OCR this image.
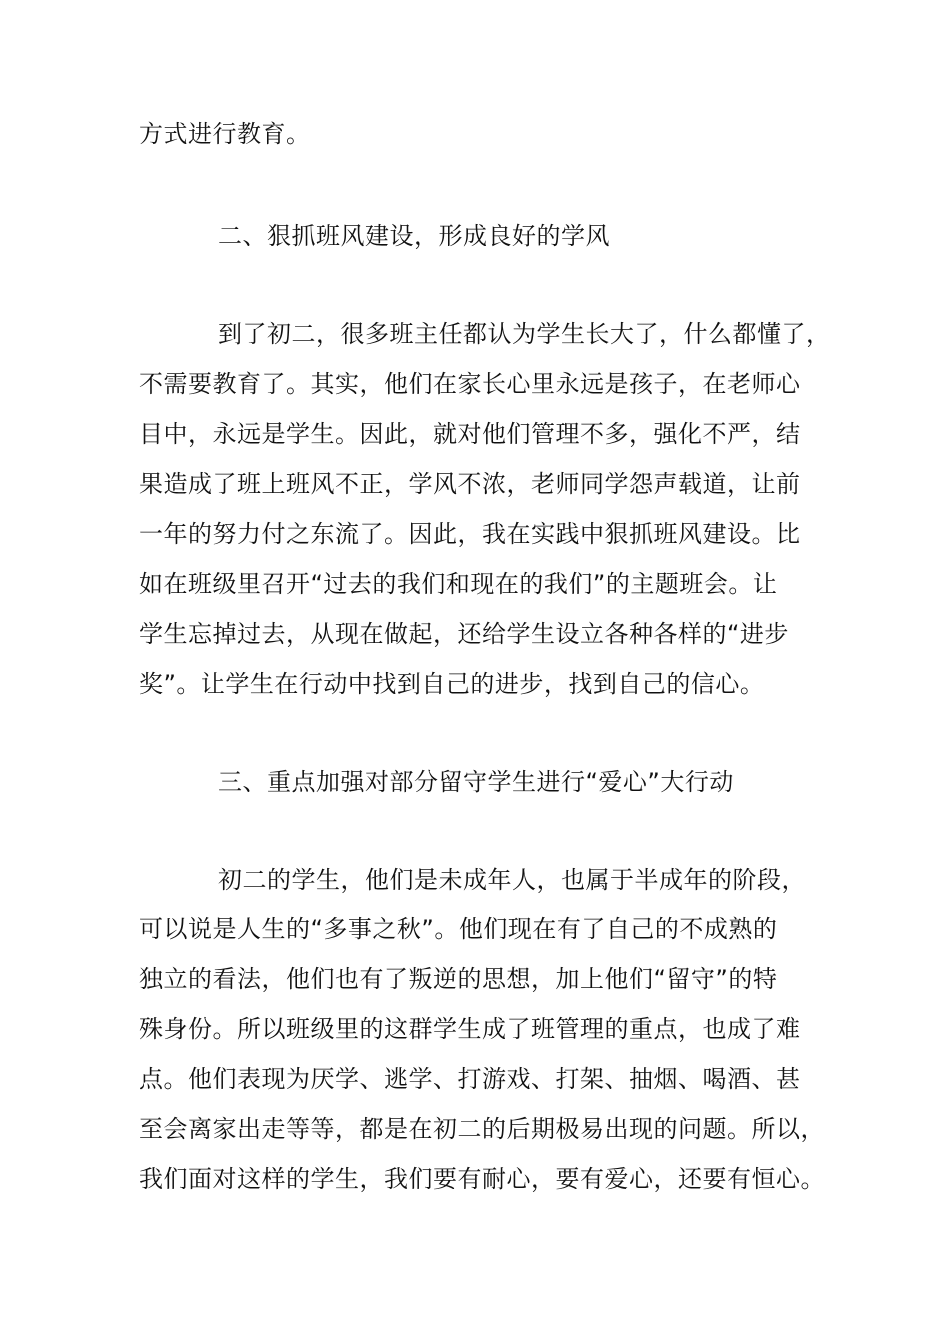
方式进行教育。
二、狠抓班风建设，形成良好的学风
到了初二，很多班主任都认为学生长大了，什么都懂了，
不需要教育了。其实，他们在家长心里永远是孩子，在老师心
目中，永远是学生。因此，就对他们管理不多，强化不严，结
果造成了班上班风不正，学风不浓，老师同学怨声载道，让前
一年的努力付之东流了。因此，我在实践中狠抓班风建设。比
如在班级里召开“过去的我们和现在的我们”的主题班会。让
学生忘掉过去，从现在做起，还给学生设立各种各样的“进步
奖”。让学生在行动中找到自己的进步，找到自己的信心。
三、重点加强对部分留守学生进行“爱心”大行动
初二的学生，他们是未成年人，也属于半成年的阶段，
可以说是人生的“多事之秋”。他们现在有了自己的不成熟的
独立的看法，他们也有了叛逆的思想，加上他们“留守”的特
殊身份。所以班级里的这群学生成了班管理的重点，也成了难
点。他们表现为厌学、逃学、打游戏、打架、抽烟、喝酒、甚
至会离家出走等等，都是在初二的后期极易出现的问题。所以，
我们面对这样的学生，我们要有耐心，要有爱心，还要有恒心。
